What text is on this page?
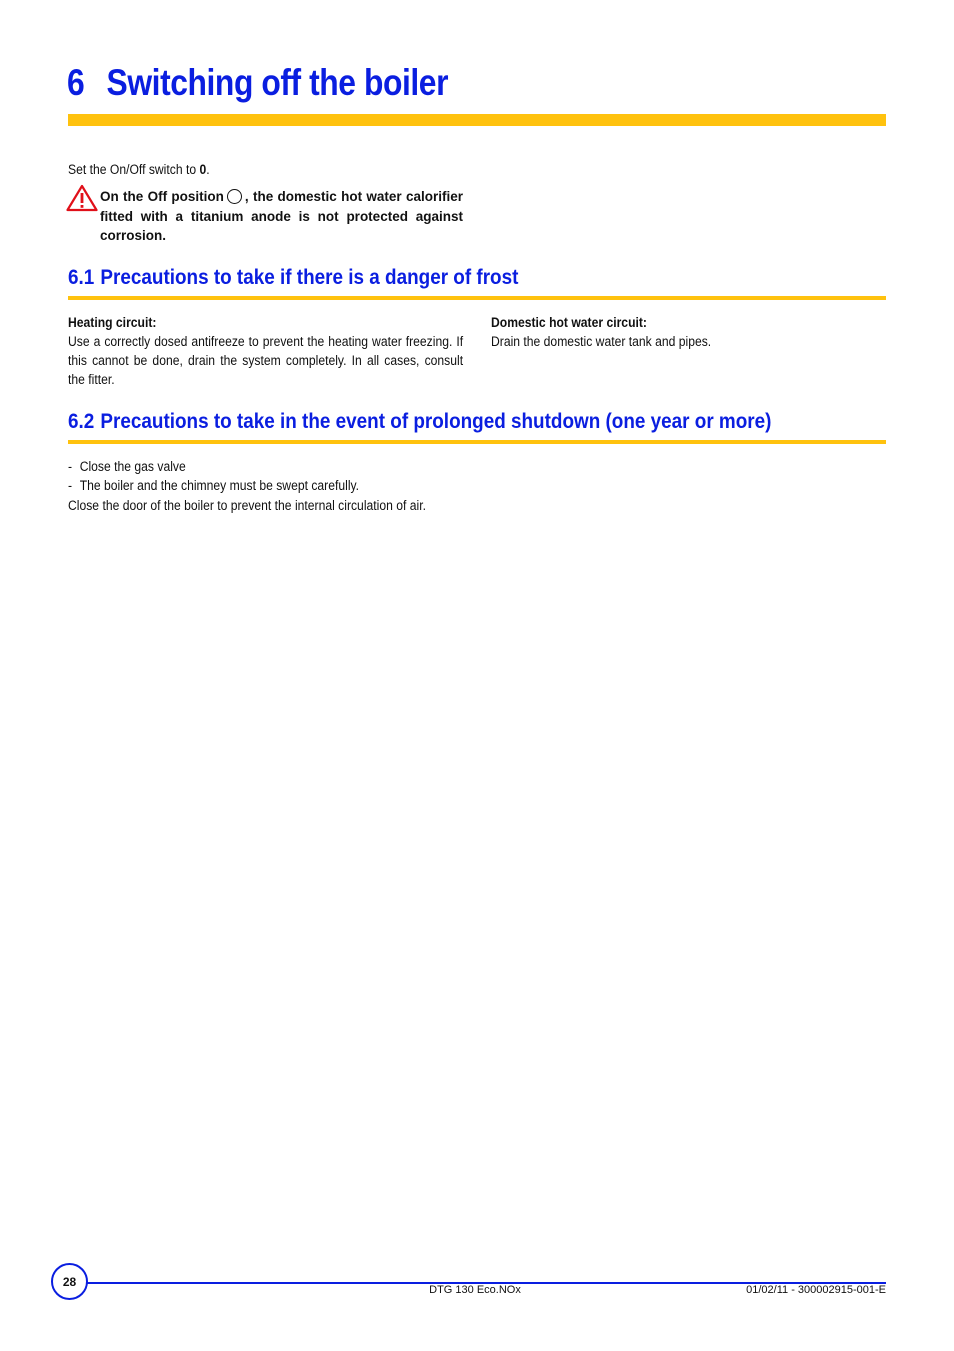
6 Switching off the boiler
Set the On/Off switch to 0.
On the Off position , the domestic hot water calorifier fitted with a titanium anode is not protected against corrosion.
6.1 Precautions to take if there is a danger of frost
Heating circuit:
Use a correctly dosed antifreeze to prevent the heating water freezing. If this cannot be done, drain the system completely. In all cases, consult the fitter.
Domestic hot water circuit:
Drain the domestic water tank and pipes.
6.2 Precautions to take in the event of prolonged shutdown (one year or more)
- Close the gas valve
- The boiler and the chimney must be swept carefully.
Close the door of the boiler to prevent the internal circulation of air.
28
DTG 130 Eco.NOx	01/02/11 - 300002915-001-E
